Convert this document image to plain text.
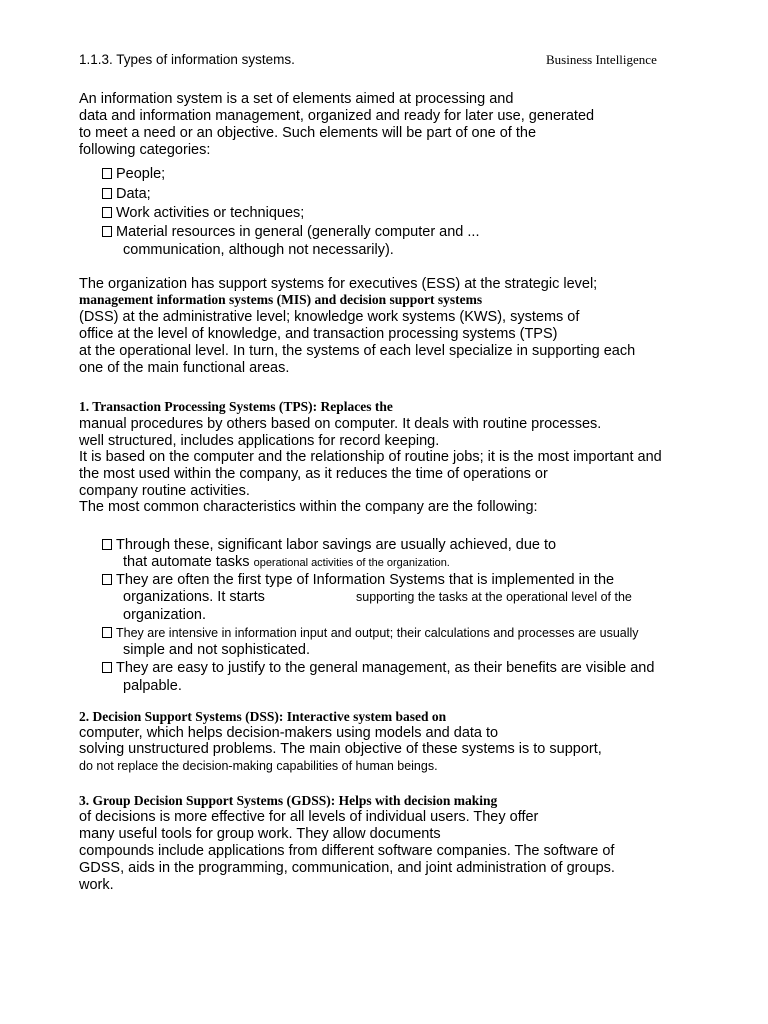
1.1.3. Types of information systems.	Business Intelligence
An information system is a set of elements aimed at processing and
data and information management, organized and ready for later use, generated
to meet a need or an objective. Such elements will be part of one of the
following categories:
People;
Data;
Work activities or techniques;
Material resources in general (generally computer and ...
communication, although not necessarily).
The organization has support systems for executives (ESS) at the strategic level;
management information systems (MIS) and decision support systems
(DSS) at the administrative level; knowledge work systems (KWS), systems of
office at the level of knowledge, and transaction processing systems (TPS)
at the operational level. In turn, the systems of each level specialize in supporting each
one of the main functional areas.
1. Transaction Processing Systems (TPS): Replaces the
manual procedures by others based on computer. It deals with routine processes.
well structured, includes applications for record keeping.
It is based on the computer and the relationship of routine jobs; it is the most important and
the most used within the company, as it reduces the time of operations or
company routine activities.
The most common characteristics within the company are the following:
Through these, significant labor savings are usually achieved, due to
that automate tasks operational activities of the organization.
They are often the first type of Information Systems that is implemented in the
organizations. It starts	supporting the tasks at the operational level of the
organization.
They are intensive in information input and output; their calculations and processes are usually
simple and not sophisticated.
They are easy to justify to the general management, as their benefits are visible and
palpable.
2. Decision Support Systems (DSS): Interactive system based on
computer, which helps decision-makers using models and data to
solving unstructured problems. The main objective of these systems is to support,
do not replace the decision-making capabilities of human beings.
3. Group Decision Support Systems (GDSS): Helps with decision making
of decisions is more effective for all levels of individual users. They offer
many useful tools for group work. They allow documents
compounds include applications from different software companies. The software of
GDSS, aids in the programming, communication, and joint administration of groups.
work.
